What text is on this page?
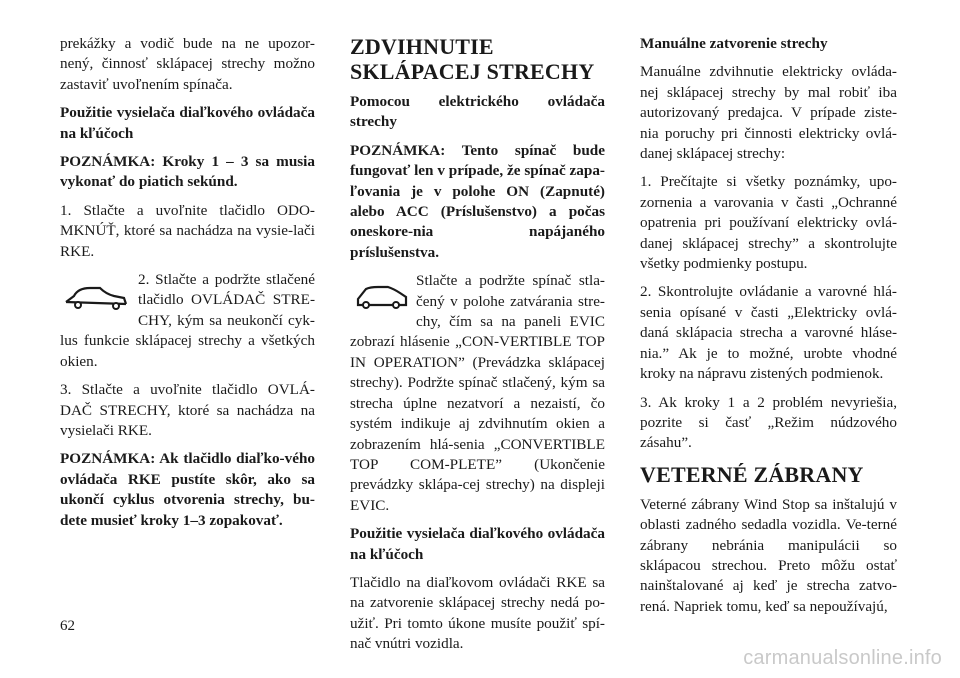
prekážky a vodič bude na ne upozor-nený, činnosť sklápacej strechy možno zastaviť uvoľnením spínača.

Použitie vysielača diaľkového ovládača na kľúčoch

POZNÁMKA: Kroky 1 – 3 sa musia vykonať do piatich sekúnd.

1. Stlačte a uvoľnite tlačidlo ODO-MKNÚŤ, ktoré sa nachádza na vysie-lači RKE.

2. Stlačte a podržte stlačené tlačidlo OVLÁDAČ STRE-CHY, kým sa neukončí cyk-lus funkcie sklápacej strechy a všetkých okien.

3. Stlačte a uvoľnite tlačidlo OVLÁ-DAČ STRECHY, ktoré sa nachádza na vysielači RKE.

POZNÁMKA: Ak tlačidlo diaľko-vého ovládača RKE pustíte skôr, ako sa ukončí cyklus otvorenia strechy, bu-dete musieť kroky 1–3 zopakovať.

ZDVIHNUTIE SKLÁPACEJ STRECHY

Pomocou elektrického ovládača strechy

POZNÁMKA: Tento spínač bude fungovať len v prípade, že spínač zapa-ľovania je v polohe ON (Zapnuté) alebo ACC (Príslušenstvo) a počas oneskore-nia napájaného príslušenstva.

Stlačte a podržte spínač stla-čený v polohe zatvárania stre-chy, čím sa na paneli EVIC zobrazí hlásenie „CON-VERTIBLE TOP IN OPERATION” (Prevádzka sklápacej strechy). Podržte spínač stlačený, kým sa strecha úplne nezatvorí a nezaistí, čo systém indikuje aj zdvihnutím okien a zobrazením hlá-senia „CONVERTIBLE TOP COM-PLETE” (Ukončenie prevádzky sklápa-cej strechy) na displeji EVIC.

Použitie vysielača diaľkového ovládača na kľúčoch

Tlačidlo na diaľkovom ovládači RKE sa na zatvorenie sklápacej strechy nedá po-užiť. Pri tomto úkone musíte použiť spí-nač vnútri vozidla.

Manuálne zatvorenie strechy

Manuálne zdvihnutie elektricky ovláda-nej sklápacej strechy by mal robiť iba autorizovaný predajca. V prípade ziste-nia poruchy pri činnosti elektricky ovlá-danej sklápacej strechy:

1. Prečítajte si všetky poznámky, upo-zornenia a varovania v časti „Ochranné opatrenia pri používaní elektricky ovlá-danej sklápacej strechy” a skontrolujte všetky podmienky postupu.

2. Skontrolujte ovládanie a varovné hlá-senia opísané v časti „Elektricky ovlá-daná sklápacia strecha a varovné hláse-nia.” Ak je to možné, urobte vhodné kroky na nápravu zistených podmienok.

3. Ak kroky 1 a 2 problém nevyriešia, pozrite si časť „Režim núdzového zásahu”.

VETERNÉ ZÁBRANY

Veterné zábrany Wind Stop sa inštalujú v oblasti zadného sedadla vozidla. Ve-terné zábrany nebránia manipulácii so sklápacou strechou. Preto môžu ostať nainštalované aj keď je strecha zatvo-rená. Napriek tomu, keď sa nepoužívajú,

62
carmanualsonline.info
